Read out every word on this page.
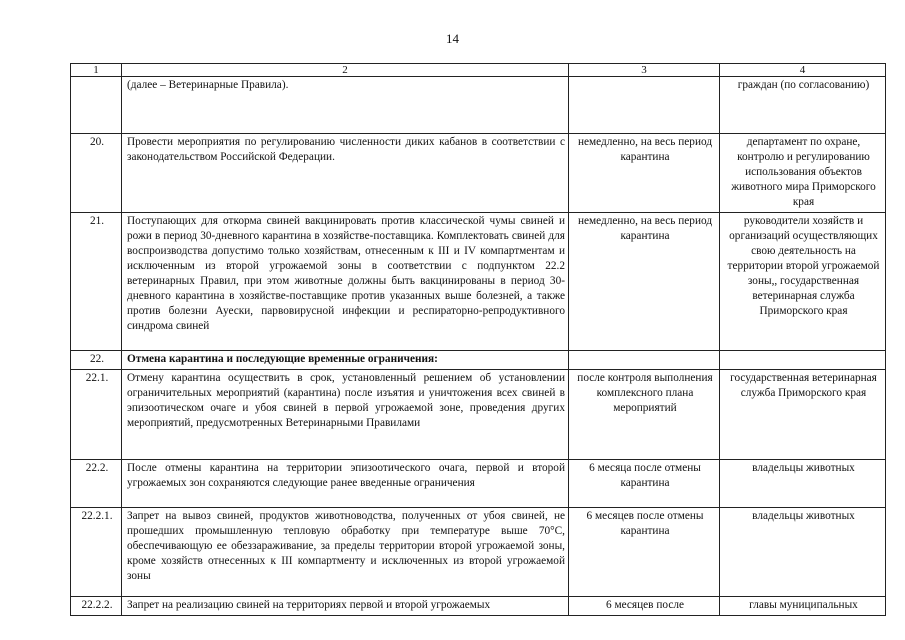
14
1	2	3	4
	(далее – Ветеринарные Правила).		граждан (по согласованию)
20.	Провести мероприятия по регулированию численности диких кабанов в соответствии с законодательством Российской Федерации.	немедленно, на весь период карантина	департамент по охране, контролю и регулированию использования объектов животного мира Приморского края
21.	Поступающих для откорма свиней вакцинировать против классической чумы свиней и рожи в период 30-дневного карантина в хозяйстве-поставщика. Комплектовать свиней для воспроизводства допустимо только хозяйствам, отнесенным к III и IV компартментам и исключенным из второй угрожаемой зоны в соответствии с подпунктом 22.2 ветеринарных Правил, при этом животные должны быть вакцинированы в период 30-дневного карантина в хозяйстве-поставщике против указанных выше болезней, а также против болезни Ауески, парвовирусной инфекции и респираторно-репродуктивного синдрома свиней	немедленно, на весь период карантина	руководители хозяйств и организаций осуществляющих свою деятельность на территории второй угрожаемой зоны,, государственная ветеринарная служба Приморского края
22.	Отмена карантина и последующие временные ограничения:		
22.1.	Отмену карантина осуществить в срок, установленный решением об установлении ограничительных мероприятий (карантина) после изъятия и уничтожения всех свиней в эпизоотическом очаге и убоя свиней в первой угрожаемой зоне, проведения других мероприятий, предусмотренных Ветеринарными Правилами	после контроля выполнения комплексного плана мероприятий	государственная ветеринарная служба Приморского края
22.2.	После отмены карантина на территории эпизоотического очага, первой и второй угрожаемых зон сохраняются следующие ранее введенные ограничения	6 месяца после отмены карантина	владельцы животных
22.2.1.	Запрет на вывоз свиней, продуктов животноводства, полученных от убоя свиней, не прошедших промышленную тепловую обработку при температуре выше 70°С, обеспечивающую ее обеззараживание, за пределы территории второй угрожаемой зоны, кроме хозяйств отнесенных к III компартменту и исключенных из второй угрожаемой зоны	6 месяцев после отмены карантина	владельцы животных
22.2.2.	Запрет на реализацию свиней на территориях первой и второй угрожаемых	6 месяцев после	главы муниципальных
